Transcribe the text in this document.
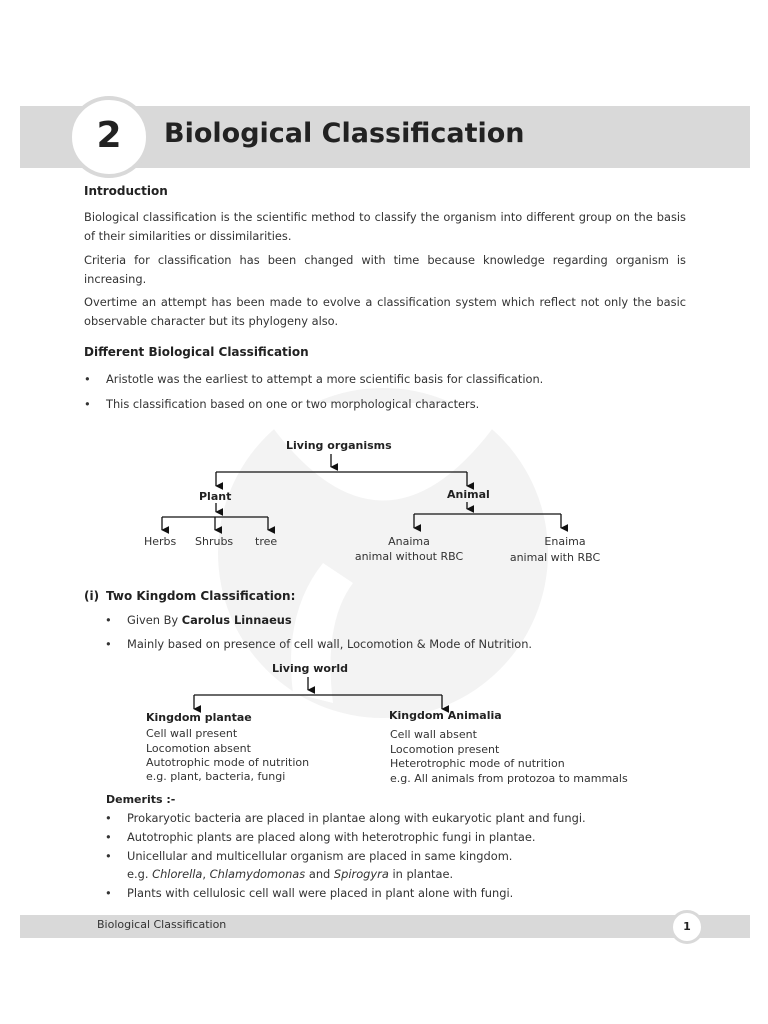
2	Biological Classification
Introduction
Biological classification is the scientific method to classify the organism into different group on the basis of their similarities or dissimilarities.
Criteria for classification has been changed with time because knowledge regarding organism is increasing.
Overtime an attempt has been made to evolve a classification system which reflect not only the basic observable character but its phylogeny also.
Different Biological Classification
• Aristotle was the earliest to attempt a more scientific basis for classification.
• This classification based on one or two morphological characters.
Living organisms
Plant	Animal
Herbs Shrubs tree	Anaima
animal without RBC
Enaima
animal with RBC
(i) Two Kingdom Classification:
• Given By Carolus Linnaeus
• Mainly based on presence of cell wall, Locomotion & Mode of Nutrition.
Living world
Kingdom plantae
Cell wall present
Locomotion absent
Autotrophic mode of nutrition
e.g. plant, bacteria, fungi
Kingdom Animalia
Cell wall absent
Locomotion present
Heterotrophic mode of nutrition
e.g. All animals from protozoa to mammals
Demerits :-
• Prokaryotic bacteria are placed in plantae along with eukaryotic plant and fungi.
• Autotrophic plants are placed along with heterotrophic fungi in plantae.
• Unicellular and multicellular organism are placed in same kingdom.
e.g. Chlorella, Chlamydomonas and Spirogyra in plantae.
• Plants with cellulosic cell wall were placed in plant alone with fungi.
Biological Classification	1
